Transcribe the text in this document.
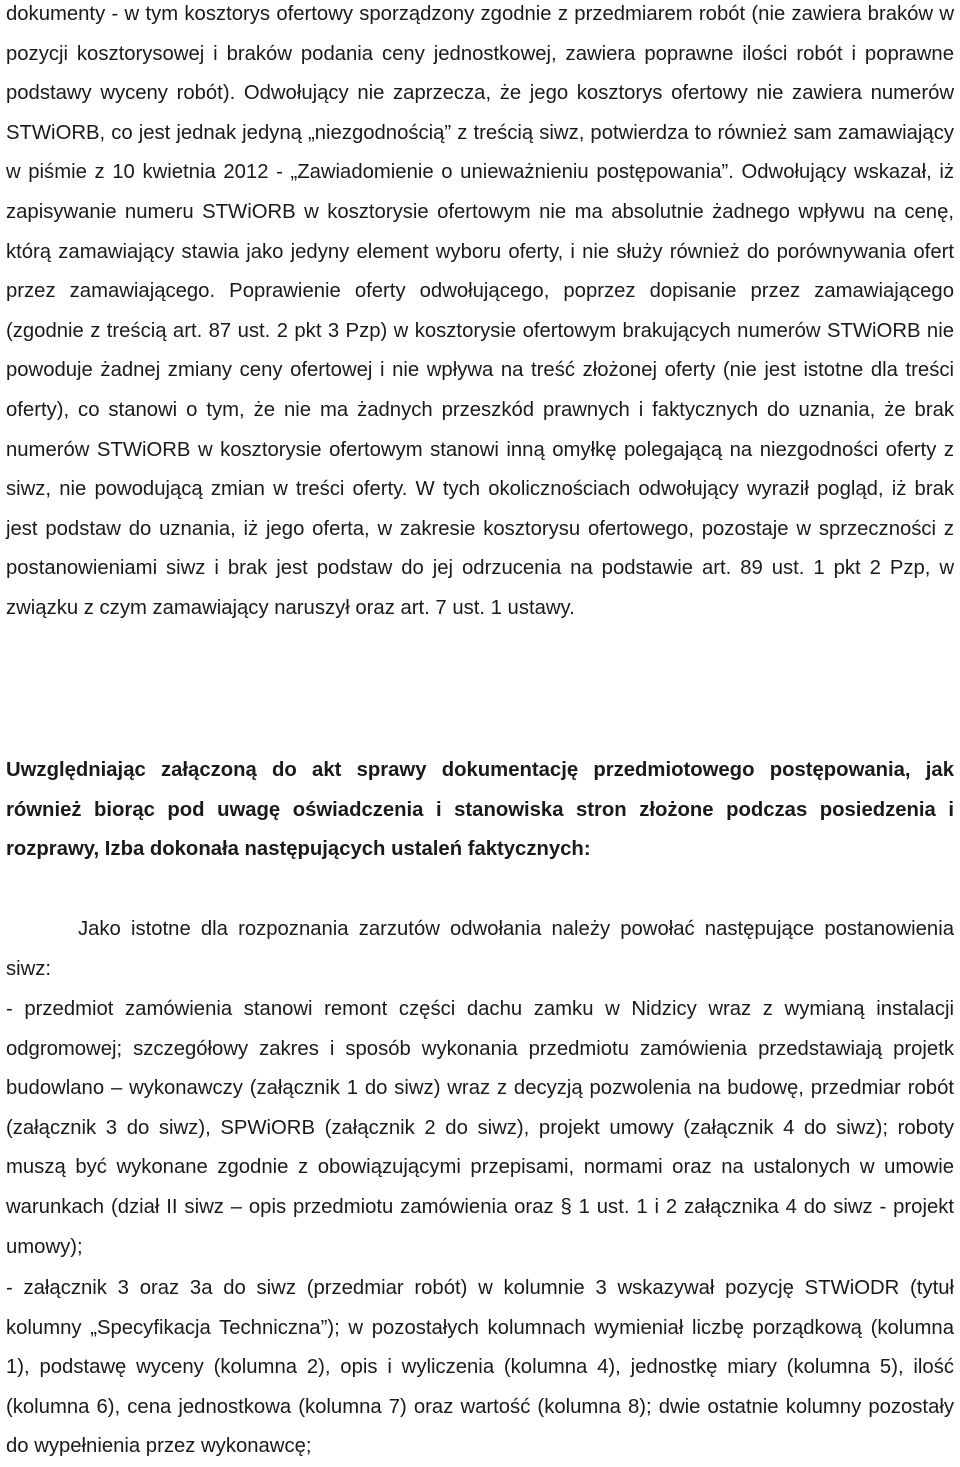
dokumenty - w tym kosztorys ofertowy sporządzony zgodnie z przedmiarem robót (nie zawiera braków w pozycji kosztorysowej i braków podania ceny jednostkowej, zawiera poprawne ilości robót i poprawne podstawy wyceny robót). Odwołujący nie zaprzecza, że jego kosztorys ofertowy nie zawiera numerów STWiORB, co jest jednak jedyną „niezgodnością” z treścią siwz, potwierdza to również sam zamawiający w piśmie z 10 kwietnia 2012 - „Zawiadomienie o unieważnieniu postępowania”. Odwołujący wskazał, iż zapisywanie numeru STWiORB w kosztorysie ofertowym nie ma absolutnie żadnego wpływu na cenę, którą zamawiający stawia jako jedyny element wyboru oferty, i nie służy również do porównywania ofert przez zamawiającego. Poprawienie oferty odwołującego, poprzez dopisanie przez zamawiającego (zgodnie z treścią art. 87 ust. 2 pkt 3 Pzp) w kosztorysie ofertowym brakujących numerów STWiORB nie powoduje żadnej zmiany ceny ofertowej i nie wpływa na treść złożonej oferty (nie jest istotne dla treści oferty), co stanowi o tym, że nie ma żadnych przeszkód prawnych i faktycznych do uznania, że brak numerów STWiORB w kosztorysie ofertowym stanowi inną omyłkę polegającą na niezgodności oferty z siwz, nie powodującą zmian w treści oferty. W tych okolicznościach odwołujący wyraził pogląd, iż brak jest podstaw do uznania, iż jego oferta, w zakresie kosztorysu ofertowego, pozostaje w sprzeczności z postanowieniami siwz i brak jest podstaw do jej odrzucenia na podstawie art. 89 ust. 1 pkt 2 Pzp, w związku z czym zamawiający naruszył oraz art. 7 ust. 1 ustawy.

Uwzględniając załączoną do akt sprawy dokumentację przedmiotowego postępowania, jak również biorąc pod uwagę oświadczenia i stanowiska stron złożone podczas posiedzenia i rozprawy, Izba dokonała następujących ustaleń faktycznych:

Jako istotne dla rozpoznania zarzutów odwołania należy powołać następujące postanowienia siwz:

- przedmiot zamówienia stanowi remont części dachu zamku w Nidzicy wraz z wymianą instalacji odgromowej; szczegółowy zakres i sposób wykonania przedmiotu zamówienia przedstawiają projetk budowlano – wykonawczy (załącznik 1 do siwz) wraz z decyzją pozwolenia na budowę, przedmiar robót (załącznik 3 do siwz), SPWiORB (załącznik 2 do siwz), projekt umowy (załącznik 4 do siwz); roboty muszą być wykonane zgodnie z obowiązującymi przepisami, normami oraz na ustalonych w umowie warunkach (dział II siwz – opis przedmiotu zamówienia oraz § 1 ust. 1 i 2 załącznika 4 do siwz - projekt umowy);

- załącznik 3 oraz 3a do siwz (przedmiar robót) w kolumnie 3 wskazywał pozycję STWiODR (tytuł kolumny „Specyfikacja Techniczna”); w pozostałych kolumnach wymieniał liczbę porządkową (kolumna 1), podstawę wyceny (kolumna 2), opis i wyliczenia (kolumna 4), jednostkę miary (kolumna 5), ilość (kolumna 6), cena jednostkowa (kolumna 7) oraz wartość (kolumna 8); dwie ostatnie kolumny pozostały do wypełnienia przez wykonawcę;
